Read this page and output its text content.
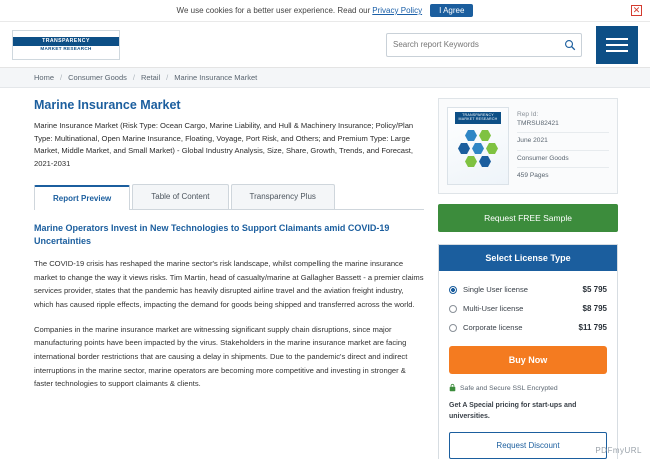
We use cookies for a better user experience. Read our Privacy Policy	I Agree	✕
TRANSPARENCY
MARKET RESEARCH
Search report Keywords
Home / Consumer Goods / Retail / Marine Insurance Market
Marine Insurance Market
Marine Insurance Market (Risk Type: Ocean Cargo, Marine Liability, and Hull & Machinery Insurance; Policy/Plan Type: Multinational, Open Marine Insurance, Floating, Voyage, Port Risk, and Others; and Premium Type: Large Market, Middle Market, and Small Market) - Global Industry Analysis, Size, Share, Growth, Trends, and Forecast, 2021-2031
Report Preview	Table of Content	Transparency Plus
Marine Operators Invest in New Technologies to Support Claimants amid COVID-19 Uncertainties
The COVID-19 crisis has reshaped the marine sector's risk landscape, whilst compelling the marine insurance market to change the way it views risks. Tim Martin, head of casualty/marine at Gallagher Bassett - a premier claims services provider, states that the pandemic has heavily disrupted airline travel and the aviation freight industry, which has caused ripple effects, impacting the demand for goods being shipped and transferred across the world.
Companies in the marine insurance market are witnessing significant supply chain disruptions, since major manufacturing points have been impacted by the virus. Stakeholders in the marine insurance market are facing international border restrictions that are causing a delay in shipments. Due to the pandemic's direct and indirect interruptions in the marine sector, marine operators are becoming more competitive and investing in stronger & faster technologies to support claimants & clients.
TRANSPARENCY MARKET RESEARCH
Rep Id:
TMRSU82421
June 2021
Consumer Goods
459 Pages
Request FREE Sample
Select License Type
Single User license	$5 795
Multi-User license	$8 795
Corporate license	$11 795
Buy Now
Safe and Secure SSL Encrypted
Get A Special pricing for start-ups and universities.
Request Discount
PDFmyURL
